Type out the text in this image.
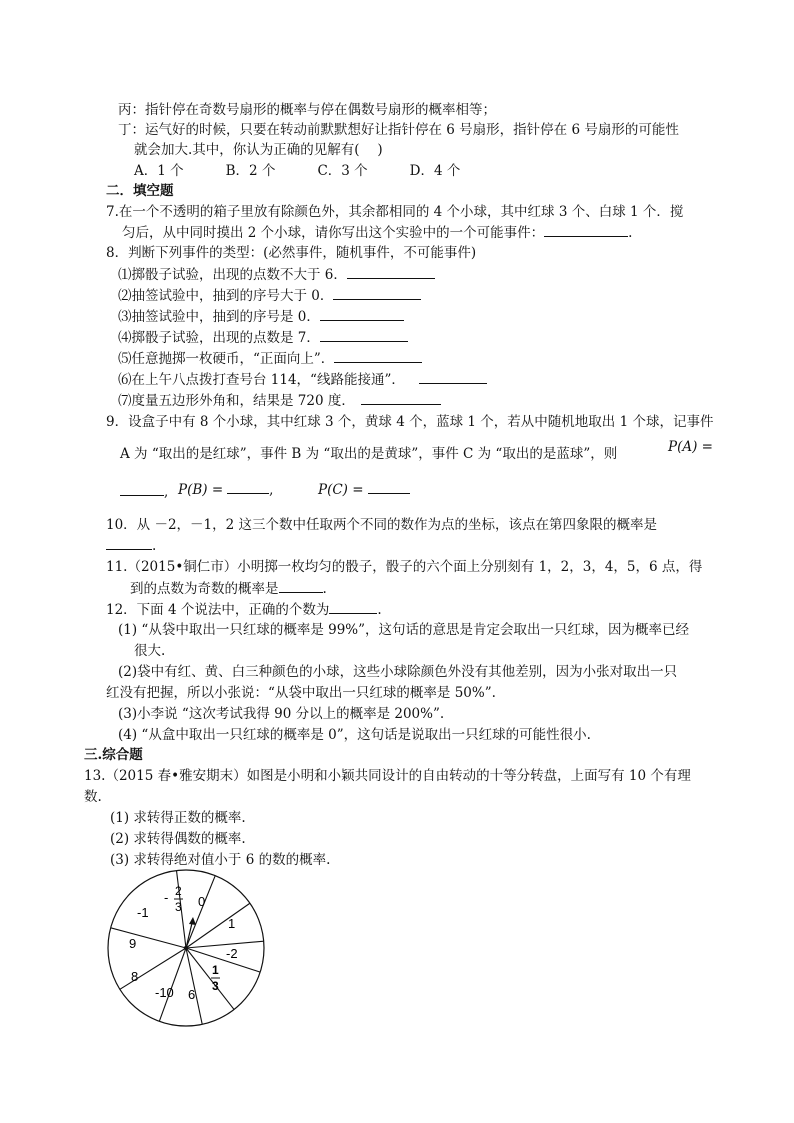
丙：指针停在奇数号扇形的概率与停在偶数号扇形的概率相等；
丁：运气好的时候，只要在转动前默默想好让指针停在 6 号扇形，指针停在 6 号扇形的可能性
就会加大.其中，你认为正确的见解有(　 )
A．1 个	B．2 个	C．3 个	D．4 个
二．填空题
7.在一个不透明的箱子里放有除颜色外，其余都相同的 4 个小球，其中红球 3 个、白球 1 个．搅
匀后，从中同时摸出 2 个小球，请你写出这个实验中的一个可能事件：	.
8．判断下列事件的类型：(必然事件，随机事件，不可能事件)
⑴掷骰子试验，出现的点数不大于 6．
⑵抽签试验中，抽到的序号大于 0．
⑶抽签试验中，抽到的序号是 0．
⑷掷骰子试验，出现的点数是 7．
⑸任意抛掷一枚硬币，“正面向上”．
⑹在上午八点拨打查号台 114，“线路能接通”．
⑺度量五边形外角和，结果是 720 度．
9．设盒子中有 8 个小球，其中红球 3 个，黄球 4 个，蓝球 1 个，若从中随机地取出 1 个球，记事件
A 为 “取出的是红球”，事件 B 为 “取出的是黄球”，事件 C 为 “取出的是蓝球”，则	P(A) =
, P(B) =	,	P(C) =
10．从 －2，－1，2 这三个数中任取两个不同的数作为点的坐标，该点在第四象限的概率是
.
11.（2015•铜仁市）小明掷一枚均匀的骰子，骰子的六个面上分别刻有 1，2，3，4，5，6 点，得
到的点数为奇数的概率是	.
12．下面 4 个说法中，正确的个数为	.
(1) “从袋中取出一只红球的概率是 99%”，这句话的意思是肯定会取出一只红球，因为概率已经
很大.
(2)袋中有红、黄、白三种颜色的小球，这些小球除颜色外没有其他差别，因为小张对取出一只
红没有把握，所以小张说：“从袋中取出一只红球的概率是 50%”.
(3)小李说 “这次考试我得 90 分以上的概率是 200%”.
(4) “从盒中取出一只红球的概率是 0”，这句话是说取出一只红球的可能性很小.
三.综合题
13.（2015 春•雅安期末）如图是小明和小颖共同设计的自由转动的十等分转盘，上面写有 10 个有理
数.
(1) 求转得正数的概率.
(2) 求转得偶数的概率.
(3) 求转得绝对值小于 6 的数的概率.
- 2
3 0
1
-2
1
3
6
-10
8
9
-1
